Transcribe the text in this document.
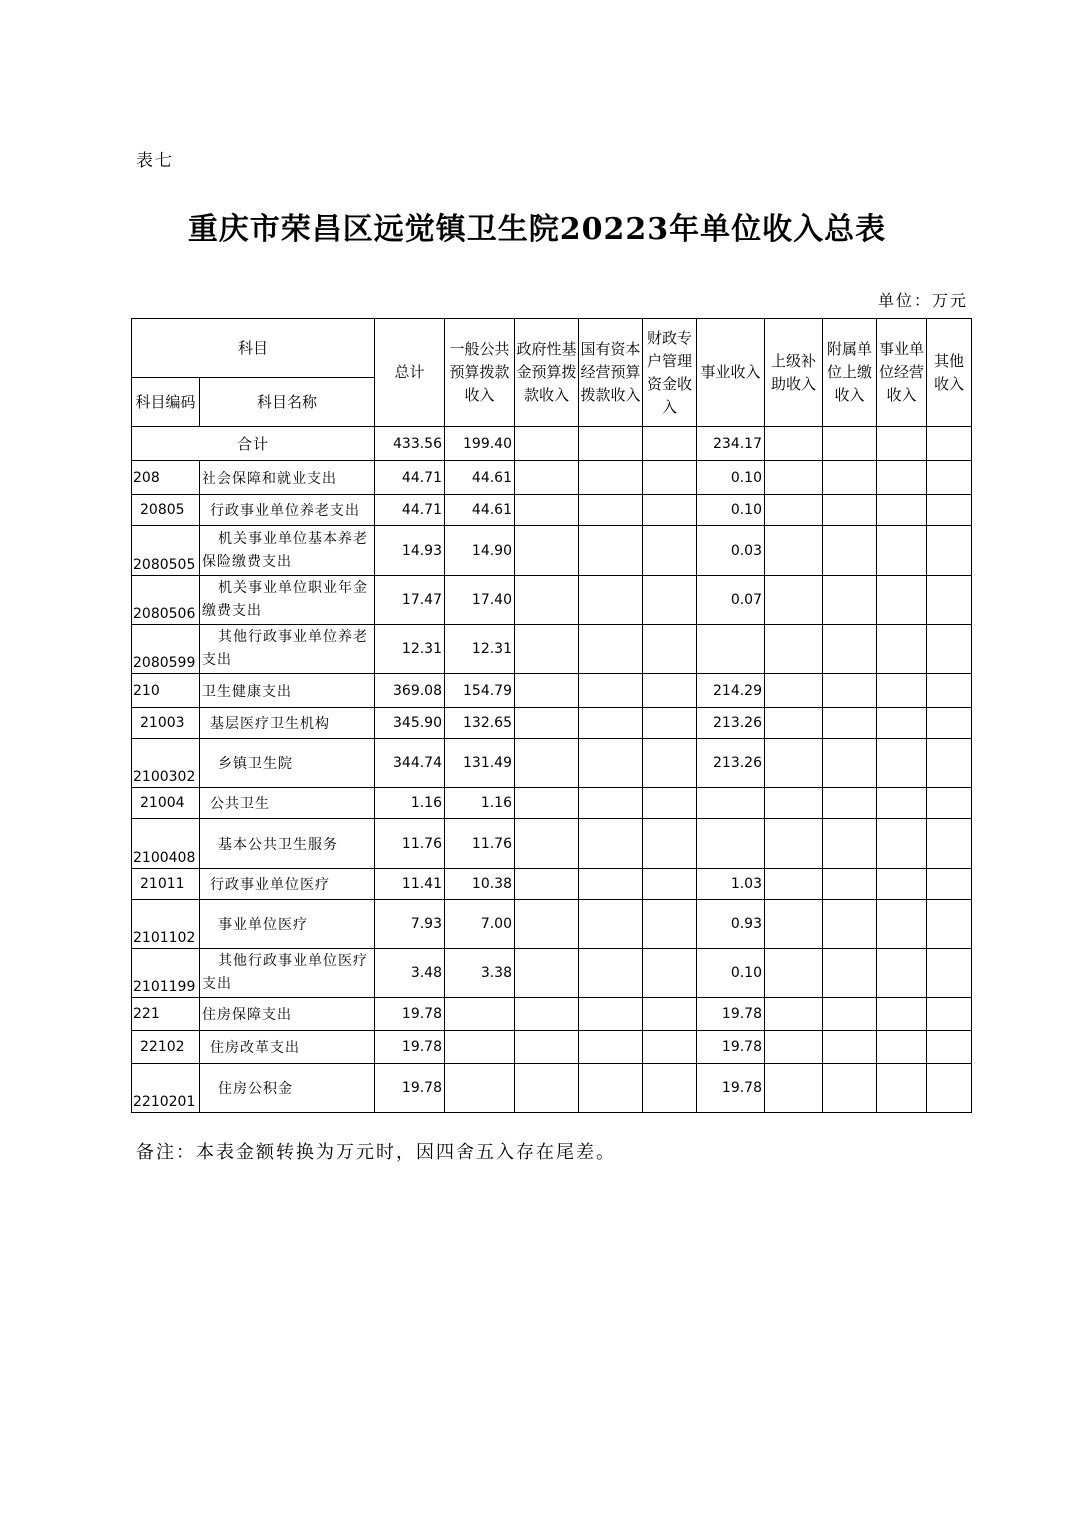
表七
重庆市荣昌区远觉镇卫生院20223年单位收入总表
单位：万元
科目		总计	一般公共预算拨款收入	政府性基金预算拨款收入	国有资本经营预算拨款收入	财政专户管理资金收入	事业收入	上级补助收入	附属单位上缴收入	事业单位经营收入	其他收入
科目编码	科目名称										
合计		433.56	199.40				234.17				
208	社会保障和就业支出	44.71	44.61				0.10				
20805	行政事业单位养老支出	44.71	44.61				0.10				
2080505	机关事业单位基本养老保险缴费支出	14.93	14.90				0.03				
2080506	机关事业单位职业年金缴费支出	17.47	17.40				0.07				
2080599	其他行政事业单位养老支出	12.31	12.31								
210	卫生健康支出	369.08	154.79				214.29				
21003	基层医疗卫生机构	345.90	132.65				213.26				
2100302	乡镇卫生院	344.74	131.49				213.26				
21004	公共卫生	1.16	1.16								
2100408	基本公共卫生服务	11.76	11.76								
21011	行政事业单位医疗	11.41	10.38				1.03				
2101102	事业单位医疗	7.93	7.00				0.93				
2101199	其他行政事业单位医疗支出	3.48	3.38				0.10				
221	住房保障支出	19.78					19.78				
22102	住房改革支出	19.78					19.78				
2210201	住房公积金	19.78					19.78				
备注：本表金额转换为万元时，因四舍五入存在尾差。
